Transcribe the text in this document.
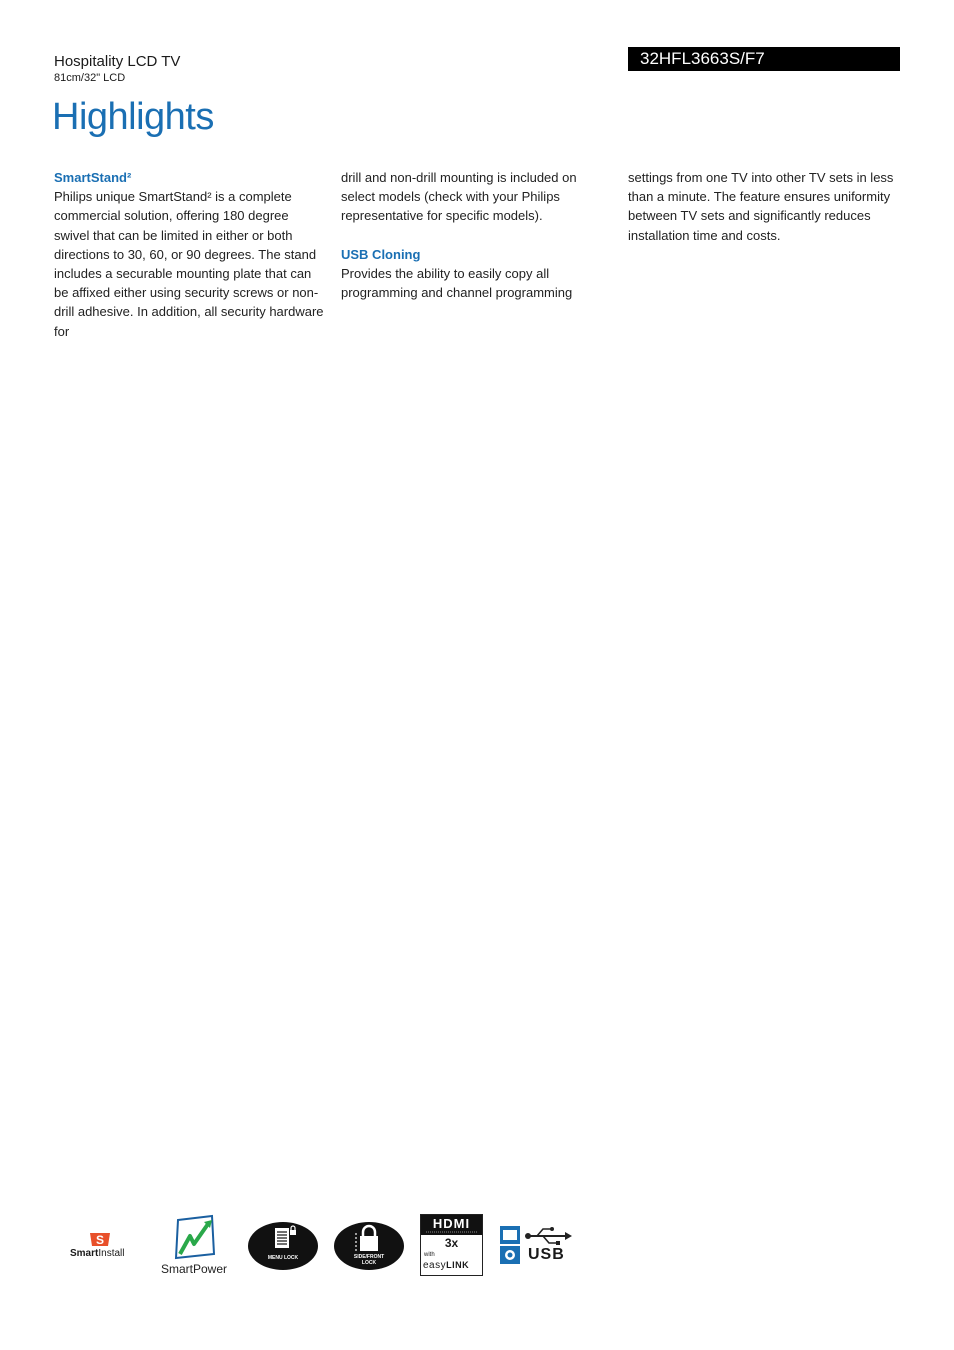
Hospitality LCD TV
81cm/32" LCD
32HFL3663S/F7
Highlights
SmartStand²

Philips unique SmartStand² is a complete commercial solution, offering 180 degree swivel that can be limited in either or both directions to 30, 60, or 90 degrees. The stand includes a securable mounting plate that can be affixed either using security screws or non-drill adhesive. In addition, all security hardware for

drill and non-drill mounting is included on select models (check with your Philips representative for specific models).

USB Cloning

Provides the ability to easily copy all programming and channel programming

settings from one TV into other TV sets in less than a minute. The feature ensures uniformity between TV sets and significantly reduces installation time and costs.

S
SmartInstall
SmartPower
MENU LOCK	SIDE/FRONT
LOCK
HDMI
3x
with
easyLINK
USB
